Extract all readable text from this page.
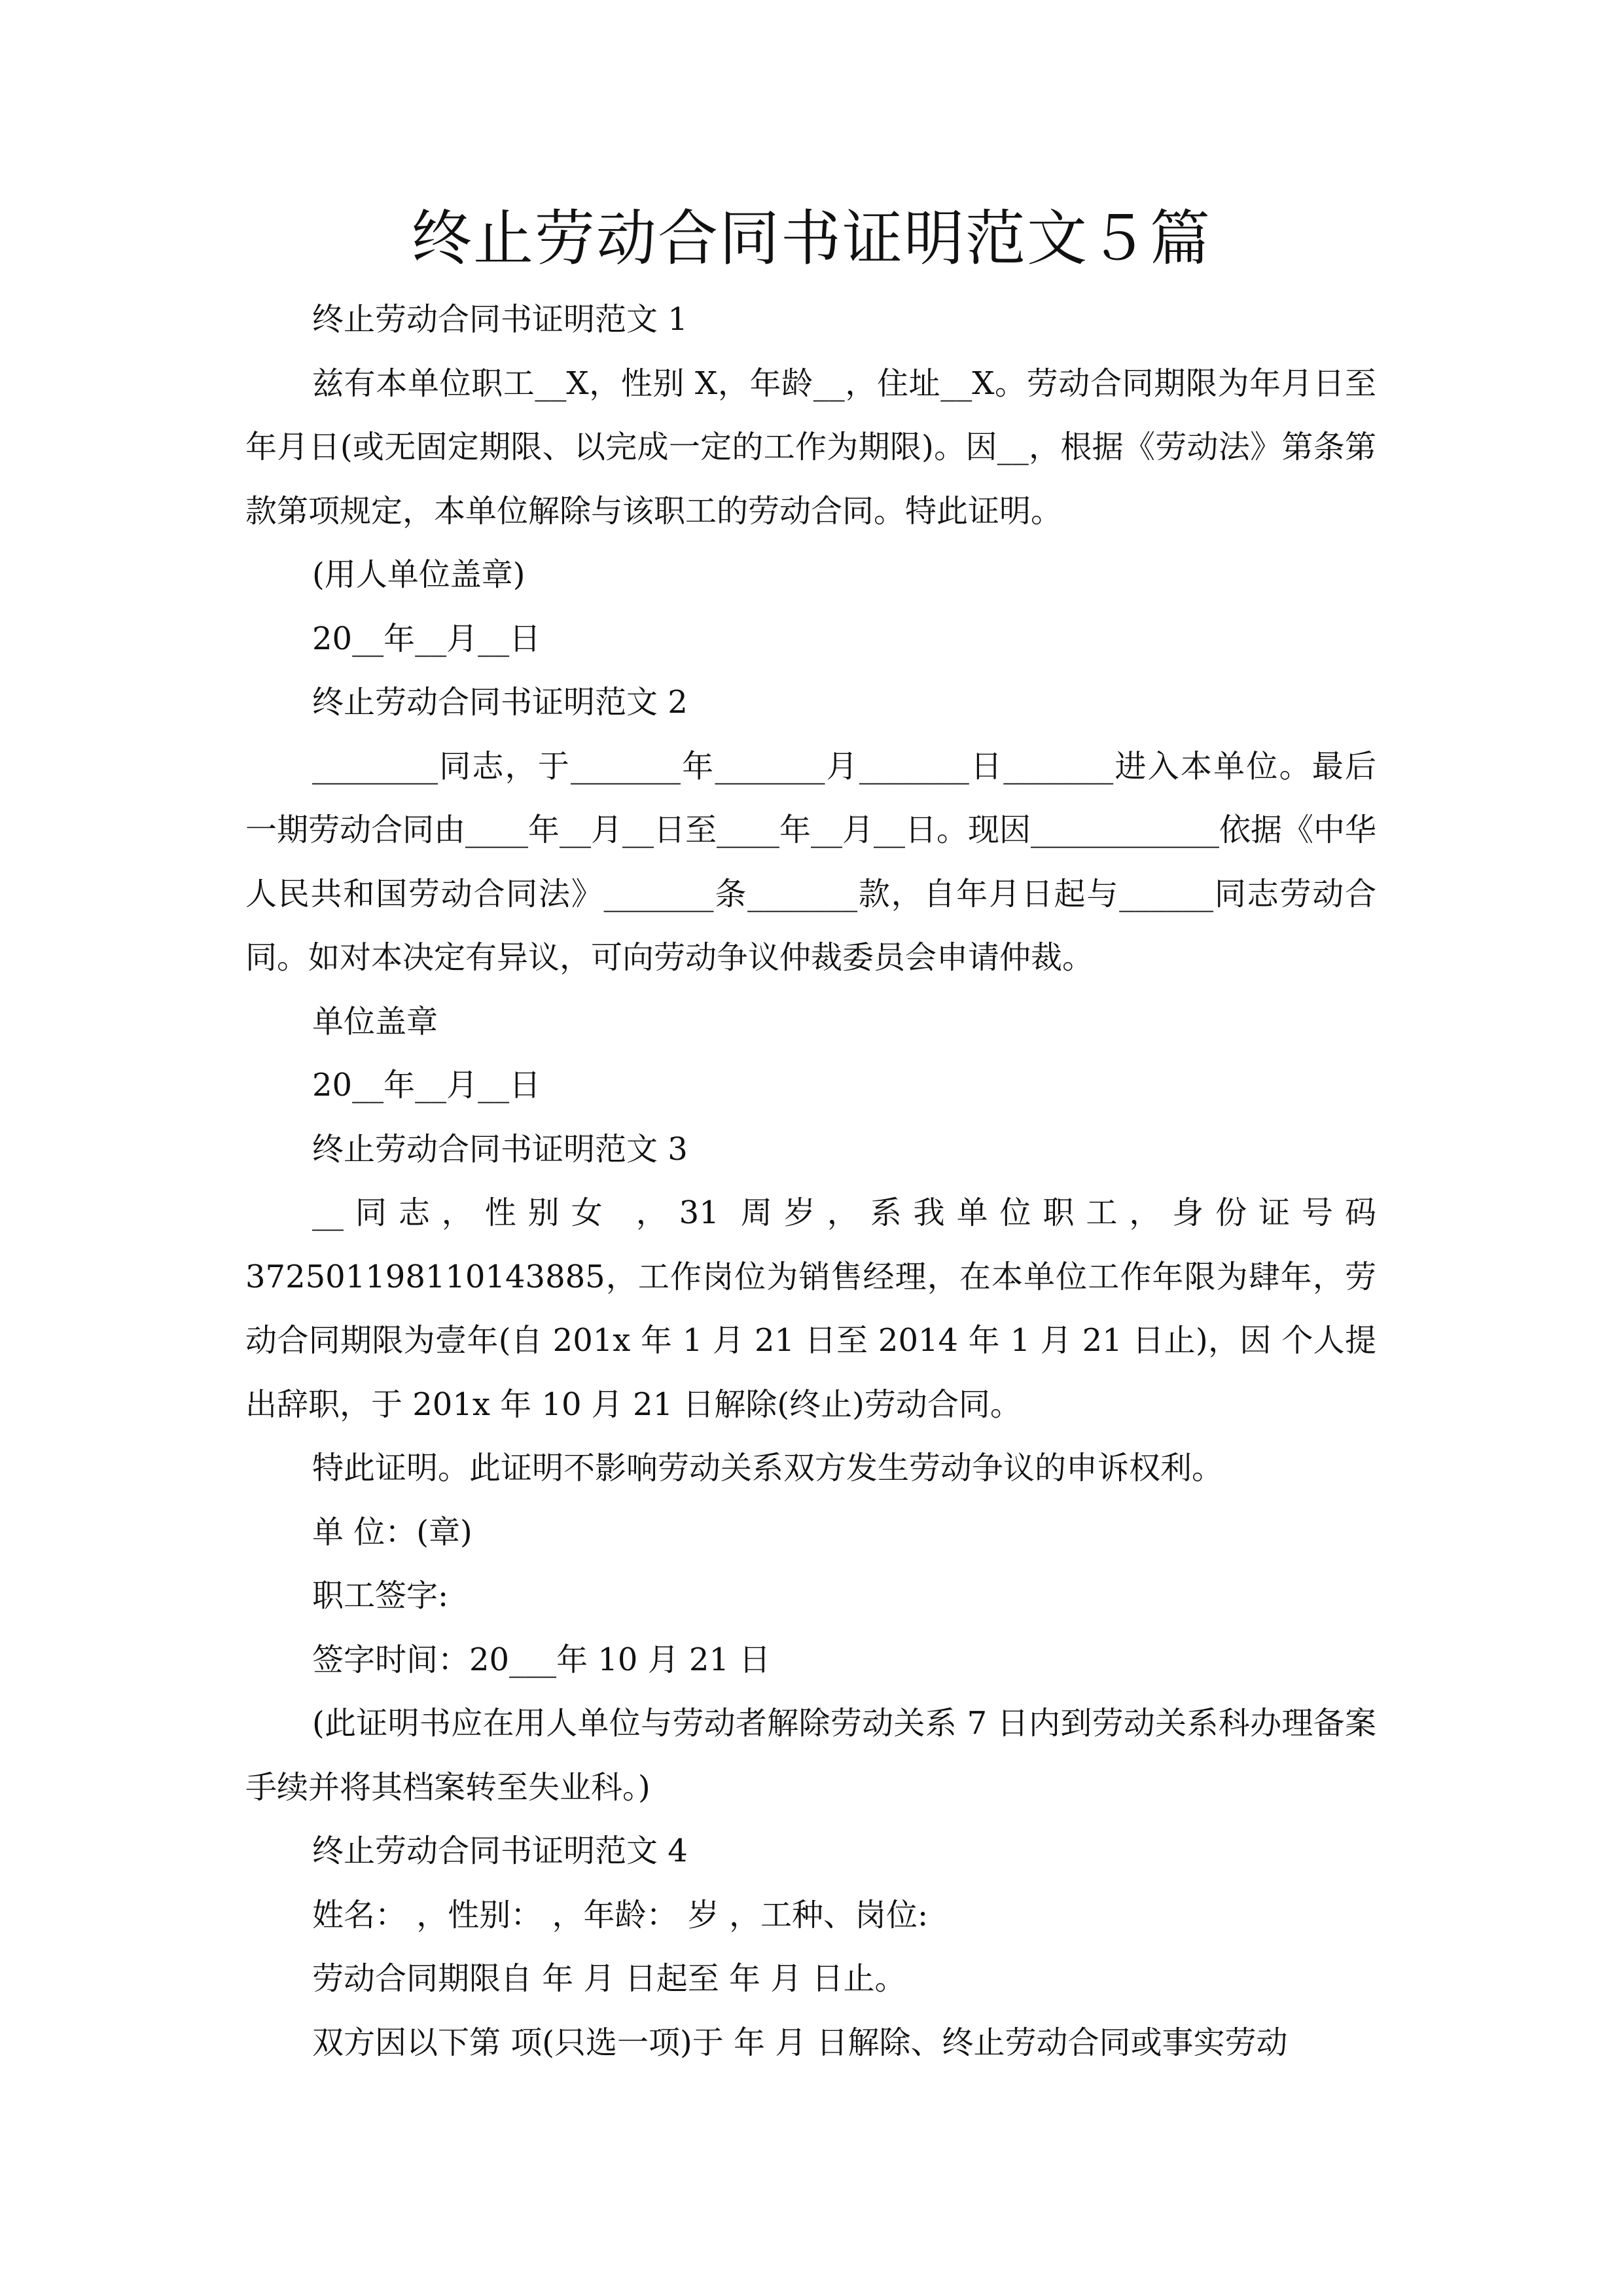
终止劳动合同书证明范文５篇

终止劳动合同书证明范文 1

兹有本单位职工__X，性别 X，年龄__，住址__X。劳动合同期限为年月日至年月日(或无固定期限、以完成一定的工作为期限)。因__，根据《劳动法》第条第款第项规定，本单位解除与该职工的劳动合同。特此证明。

(用人单位盖章)

20__年__月__日

终止劳动合同书证明范文 2

________同志，于_______年_______月_______日_______进入本单位。最后一期劳动合同由____年__月__日至____年__月__日。现因____________依据《中华人民共和国劳动合同法》_______条_______款，自年月日起与______同志劳动合同。如对本决定有异议，可向劳动争议仲裁委员会申请仲裁。

单位盖章

20__年__月__日

终止劳动合同书证明范文 3

__同志，性别女 ，31 周岁，系我单位职工，身份证号码

372501198110143885，工作岗位为销售经理，在本单位工作年限为肆年，劳动合同期限为壹年(自 201x 年 1 月 21 日至 2014 年 1 月 21 日止)，因 个人提出辞职，于 201x 年 10 月 21 日解除(终止)劳动合同。

特此证明。此证明不影响劳动关系双方发生劳动争议的申诉权利。

单 位：(章)

职工签字:

签字时间：20___年 10 月 21 日

(此证明书应在用人单位与劳动者解除劳动关系 7 日内到劳动关系科办理备案手续并将其档案转至失业科。)

终止劳动合同书证明范文 4

姓名： ，性别： ，年龄： 岁 ，工种、岗位:

劳动合同期限自 年 月 日起至 年 月 日止。

双方因以下第 项(只选一项)于 年 月 日解除、终止劳动合同或事实劳动
